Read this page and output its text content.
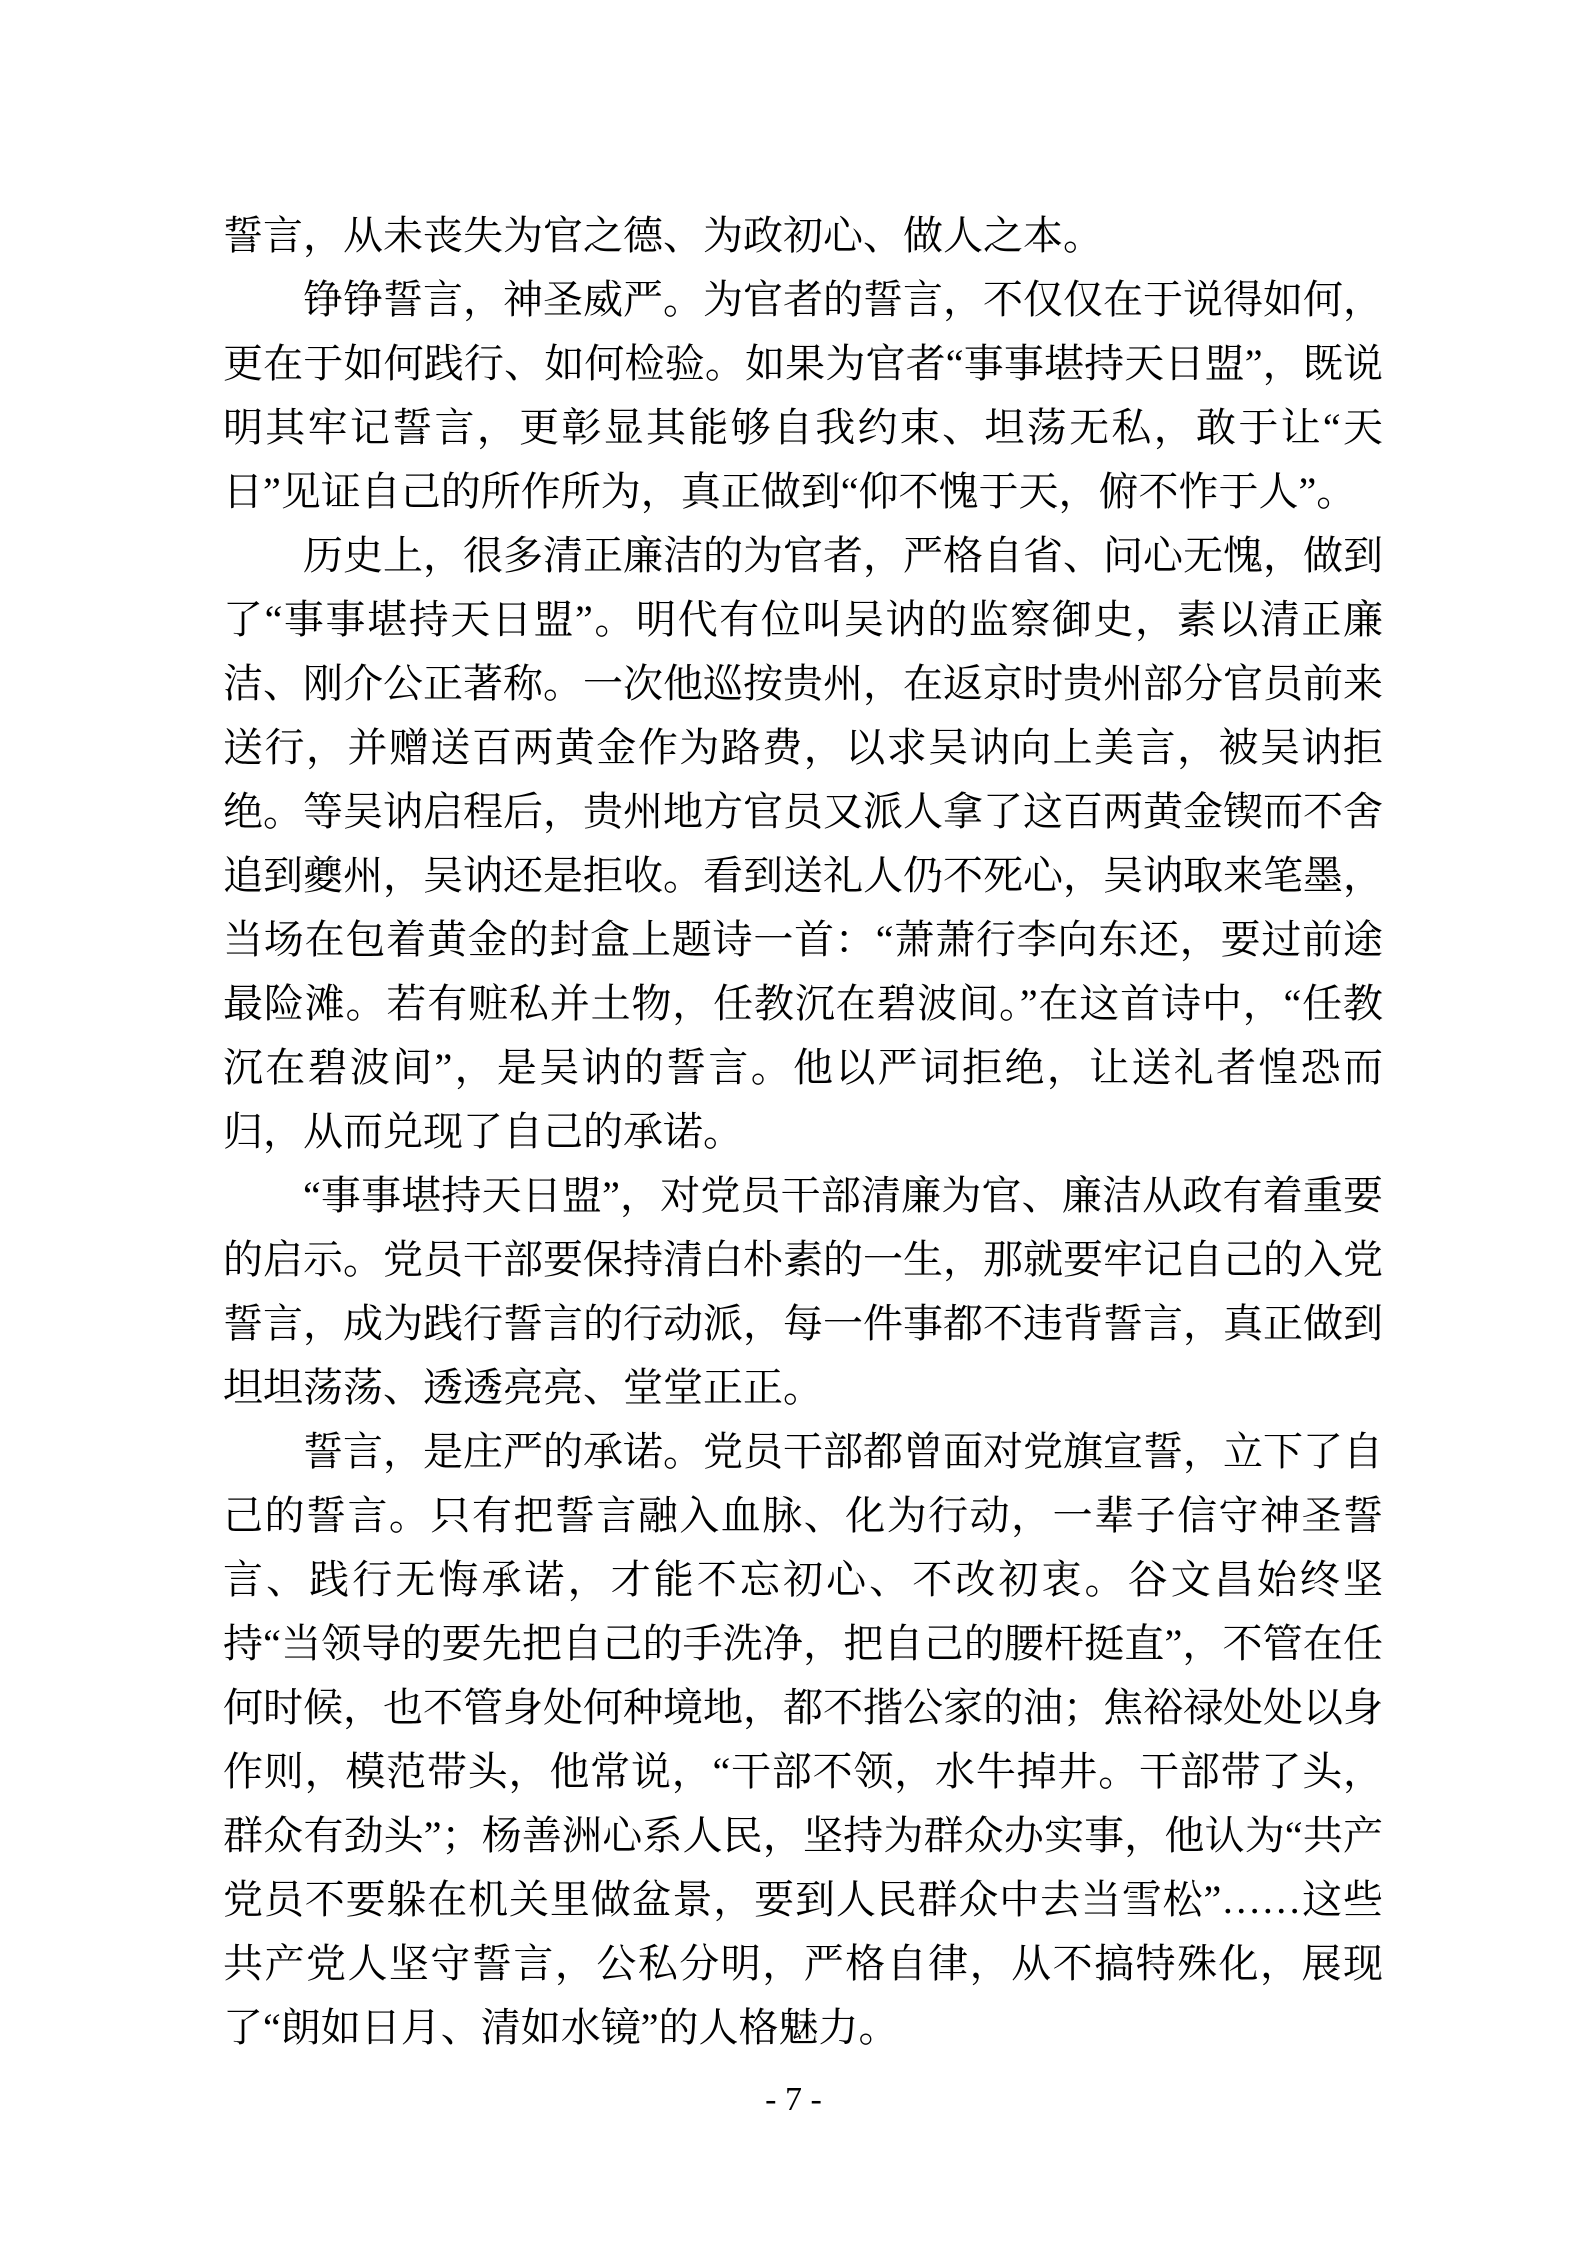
誓言，从未丧失为官之德、为政初心、做人之本。

铮铮誓言，神圣威严。为官者的誓言，不仅仅在于说得如何，更在于如何践行、如何检验。如果为官者“事事堪持天日盟”，既说明其牢记誓言，更彰显其能够自我约束、坦荡无私，敢于让“天日”见证自己的所作所为，真正做到“仰不愧于天，俯不怍于人”。

历史上，很多清正廉洁的为官者，严格自省、问心无愧，做到了“事事堪持天日盟”。明代有位叫吴讷的监察御史，素以清正廉洁、刚介公正著称。一次他巡按贵州，在返京时贵州部分官员前来送行，并赠送百两黄金作为路费，以求吴讷向上美言，被吴讷拒绝。等吴讷启程后，贵州地方官员又派人拿了这百两黄金锲而不舍追到夔州，吴讷还是拒收。看到送礼人仍不死心，吴讷取来笔墨，当场在包着黄金的封盒上题诗一首：“萧萧行李向东还，要过前途最险滩。若有赃私并土物，任教沉在碧波间。”在这首诗中，“任教沉在碧波间”，是吴讷的誓言。他以严词拒绝，让送礼者惶恐而归，从而兑现了自己的承诺。

“事事堪持天日盟”，对党员干部清廉为官、廉洁从政有着重要的启示。党员干部要保持清白朴素的一生，那就要牢记自己的入党誓言，成为践行誓言的行动派，每一件事都不违背誓言，真正做到坦坦荡荡、透透亮亮、堂堂正正。

誓言，是庄严的承诺。党员干部都曾面对党旗宣誓，立下了自己的誓言。只有把誓言融入血脉、化为行动，一辈子信守神圣誓言、践行无悔承诺，才能不忘初心、不改初衷。谷文昌始终坚持“当领导的要先把自己的手洗净，把自己的腰杆挺直”，不管在任何时候，也不管身处何种境地，都不揩公家的油；焦裕禄处处以身作则，模范带头，他常说，“干部不领，水牛掉井。干部带了头，群众有劲头”；杨善洲心系人民，坚持为群众办实事，他认为“共产党员不要躲在机关里做盆景，要到人民群众中去当雪松”……这些共产党人坚守誓言，公私分明，严格自律，从不搞特殊化，展现了“朗如日月、清如水镜”的人格魅力。

- 7 -
